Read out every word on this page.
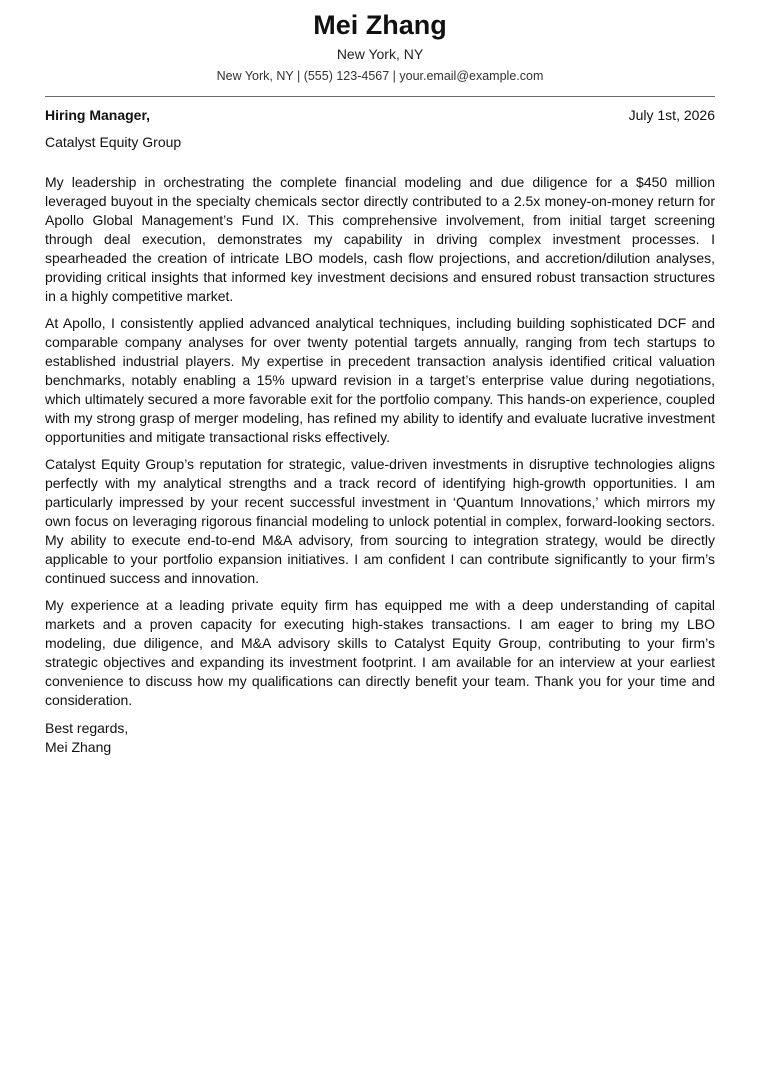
Mei Zhang
New York, NY
New York, NY | (555) 123-4567 | your.email@example.com
Hiring Manager,	July 1st, 2026
Catalyst Equity Group

My leadership in orchestrating the complete financial modeling and due diligence for a $450 million leveraged buyout in the specialty chemicals sector directly contributed to a 2.5x money-on-money return for Apollo Global Management’s Fund IX. This comprehensive involvement, from initial target screening through deal execution, demonstrates my capability in driving complex investment processes. I spearheaded the creation of intricate LBO models, cash flow projections, and accretion/dilution analyses, providing critical insights that informed key investment decisions and ensured robust transaction structures in a highly competitive market.

At Apollo, I consistently applied advanced analytical techniques, including building sophisticated DCF and comparable company analyses for over twenty potential targets annually, ranging from tech startups to established industrial players. My expertise in precedent transaction analysis identified critical valuation benchmarks, notably enabling a 15% upward revision in a target’s enterprise value during negotiations, which ultimately secured a more favorable exit for the portfolio company. This hands-on experience, coupled with my strong grasp of merger modeling, has refined my ability to identify and evaluate lucrative investment opportunities and mitigate transactional risks effectively.

Catalyst Equity Group’s reputation for strategic, value-driven investments in disruptive technologies aligns perfectly with my analytical strengths and a track record of identifying high-growth opportunities. I am particularly impressed by your recent successful investment in ‘Quantum Innovations,’ which mirrors my own focus on leveraging rigorous financial modeling to unlock potential in complex, forward-looking sectors. My ability to execute end-to-end M&A advisory, from sourcing to integration strategy, would be directly applicable to your portfolio expansion initiatives. I am confident I can contribute significantly to your firm’s continued success and innovation.

My experience at a leading private equity firm has equipped me with a deep understanding of capital markets and a proven capacity for executing high-stakes transactions. I am eager to bring my LBO modeling, due diligence, and M&A advisory skills to Catalyst Equity Group, contributing to your firm’s strategic objectives and expanding its investment footprint. I am available for an interview at your earliest convenience to discuss how my qualifications can directly benefit your team. Thank you for your time and consideration.

Best regards,
Mei Zhang
